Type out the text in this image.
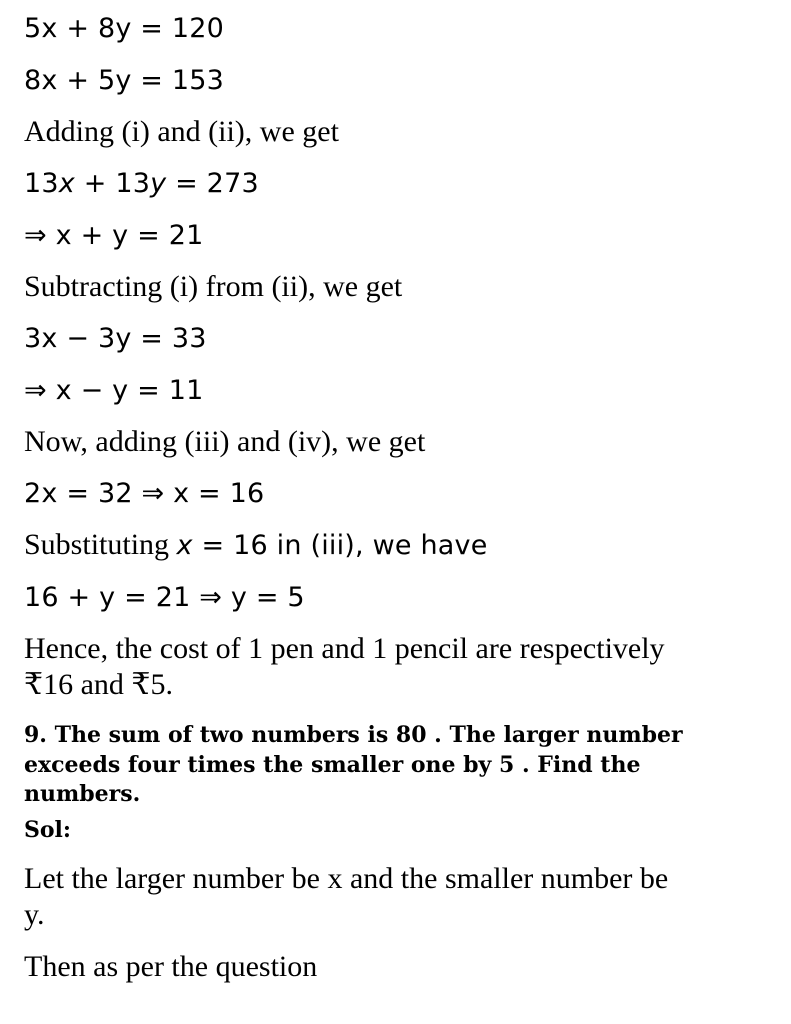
5x + 8y = 120
8x + 5y = 153
Adding (i) and (ii), we get
13x + 13y = 273
⇒ x + y = 21
Subtracting (i) from (ii), we get
3x − 3y = 33
⇒ x − y = 11
Now, adding (iii) and (iv), we get
2x = 32 ⇒ x = 16
Substituting x = 16 in (iii), we have
16 + y = 21 ⇒ y = 5
Hence, the cost of 1 pen and 1 pencil are respectively
₹16 and ₹5.
9. The sum of two numbers is 80 . The larger number
exceeds four times the smaller one by 5 . Find the
numbers.
Sol:
Let the larger number be x and the smaller number be
y.
Then as per the question
